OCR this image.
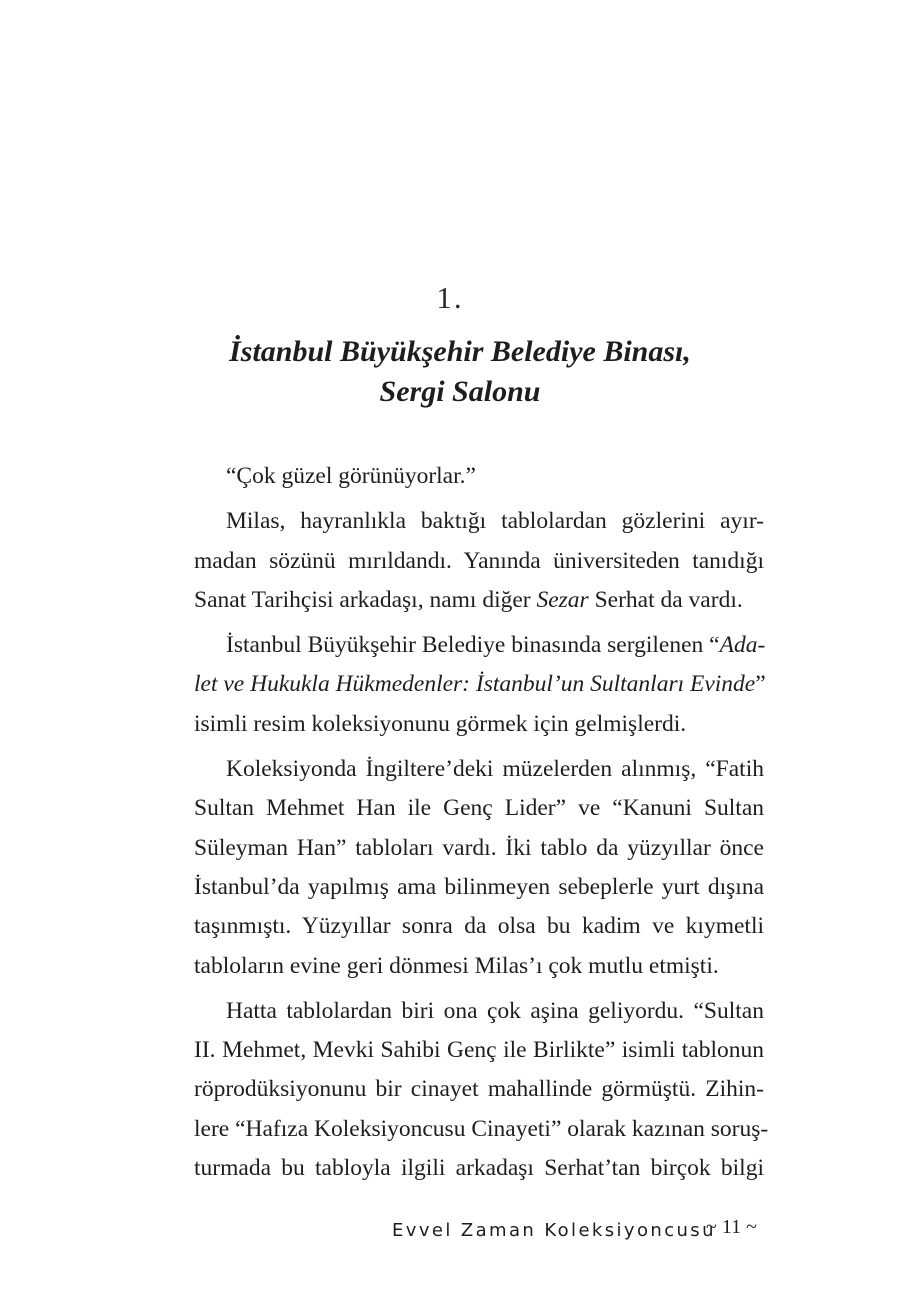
1.
İstanbul Büyükşehir Belediye Binası,
Sergi Salonu
“Çok güzel görünüyorlar.”
Milas, hayranlıkla baktığı tablolardan gözlerini ayır-
madan sözünü mırıldandı. Yanında üniversiteden tanıdığı
Sanat Tarihçisi arkadaşı, namı diğer Sezar Serhat da vardı.
İstanbul Büyükşehir Belediye binasında sergilenen “Ada-
let ve Hukukla Hükmedenler: İstanbul’un Sultanları Evinde”
isimli resim koleksiyonunu görmek için gelmişlerdi.
Koleksiyonda İngiltere’deki müzelerden alınmış, “Fatih
Sultan Mehmet Han ile Genç Lider” ve “Kanuni Sultan
Süleyman Han” tabloları vardı. İki tablo da yüzyıllar önce
İstanbul’da yapılmış ama bilinmeyen sebeplerle yurt dışına
taşınmıştı. Yüzyıllar sonra da olsa bu kadim ve kıymetli
tabloların evine geri dönmesi Milas’ı çok mutlu etmişti.
Hatta tablolardan biri ona çok aşina geliyordu. “Sultan
II. Mehmet, Mevki Sahibi Genç ile Birlikte” isimli tablonun
röprodüksiyonunu bir cinayet mahallinde görmüştü. Zihin-
lere “Hafıza Koleksiyoncusu Cinayeti” olarak kazınan soruş-
turmada bu tabloyla ilgili arkadaşı Serhat’tan birçok bilgi
Evvel Zaman Koleksiyoncusu
~ 11 ~
